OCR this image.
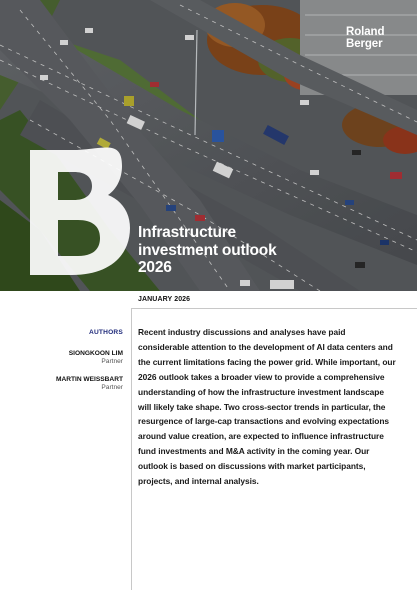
Roland
Berger
Infrastructure
investment outlook
2026
JANUARY 2026
AUTHORS
SIONGKOON LIM
Partner
MARTIN WEISSBART
Partner
Recent industry discussions and analyses have paid considerable attention to the development of AI data centers and the current limitations facing the power grid. While important, our 2026 outlook takes a broader view to provide a comprehensive understanding of how the infrastructure investment landscape will likely take shape. Two cross-sector trends in particular, the resurgence of large-cap transactions and evolving expectations around value creation, are expected to influence infrastructure fund investments and M&A activity in the coming year. Our outlook is based on discussions with market participants, projects, and internal analysis.
